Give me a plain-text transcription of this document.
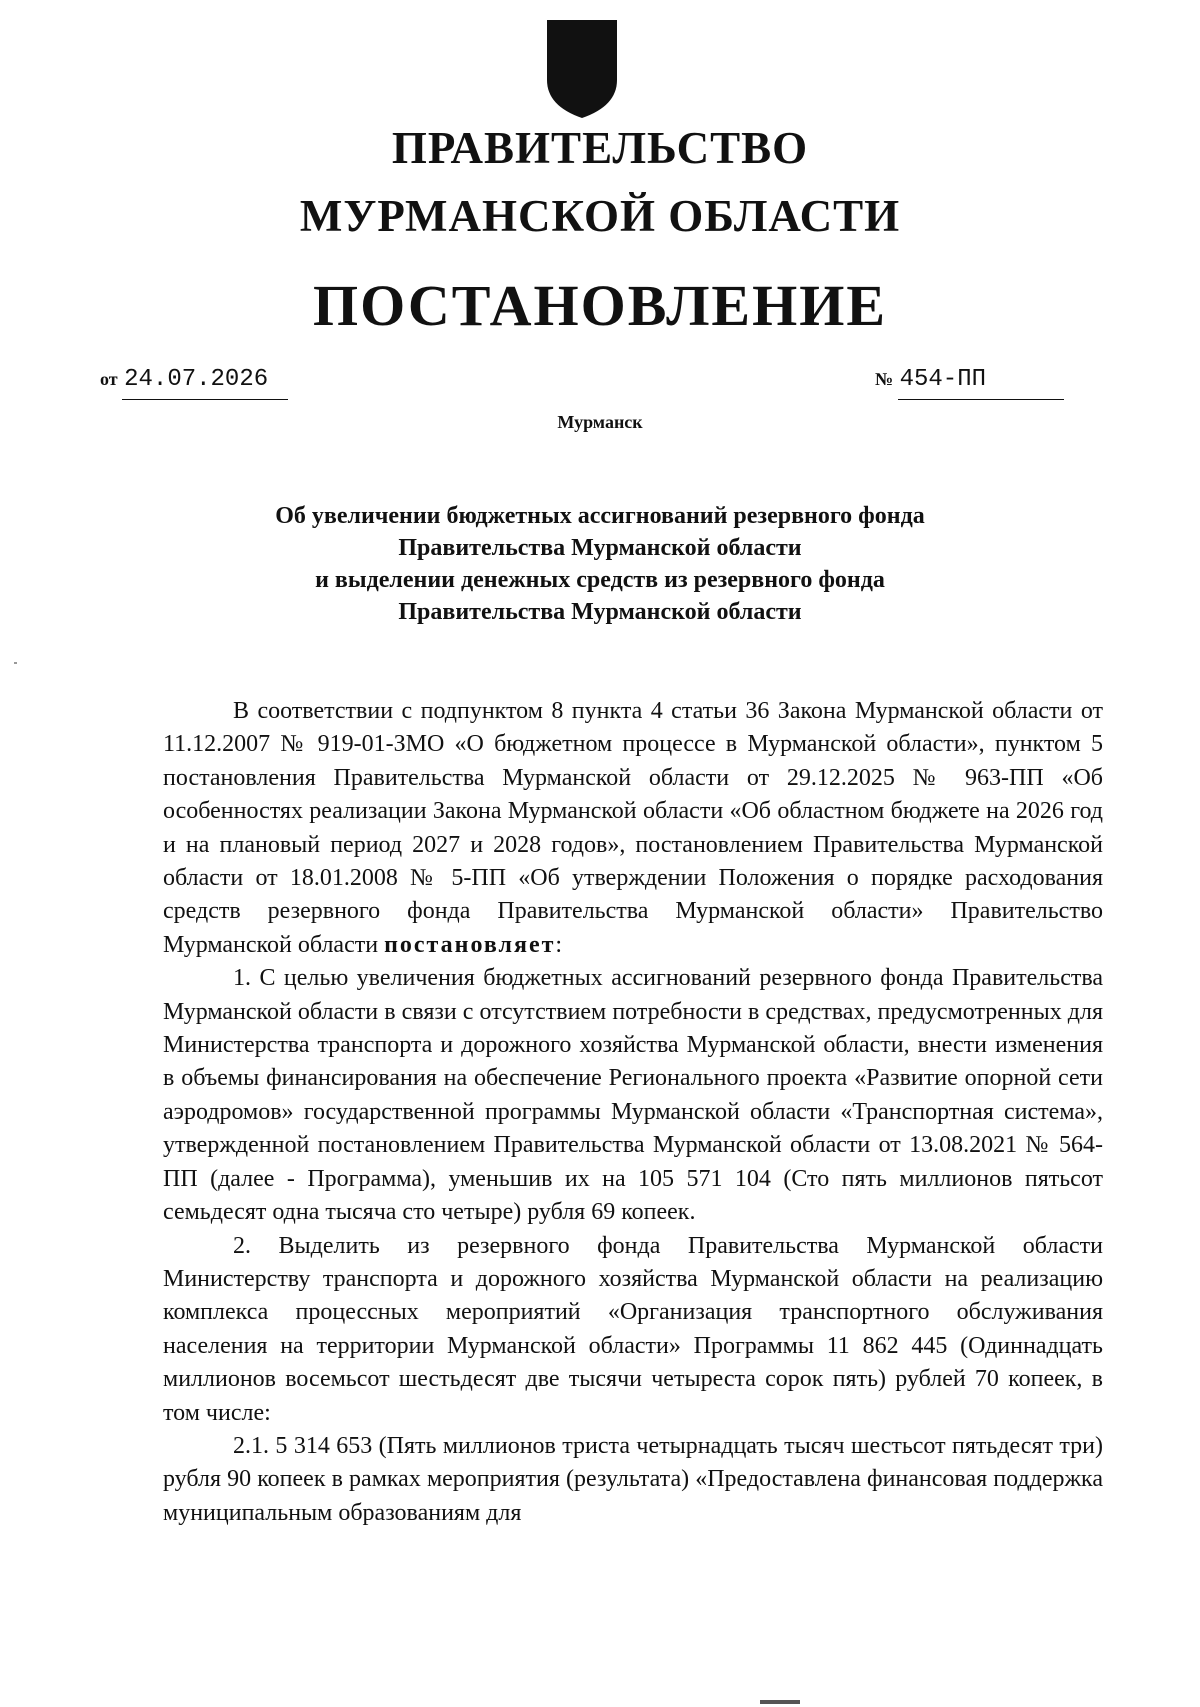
ПРАВИТЕЛЬСТВО
МУРМАНСКОЙ ОБЛАСТИ
ПОСТАНОВЛЕНИЕ
от 24.07.2026	№ 454-ПП
Мурманск
Об увеличении бюджетных ассигнований резервного фонда
Правительства Мурманской области
и выделении денежных средств из резервного фонда
Правительства Мурманской области

В соответствии с подпунктом 8 пункта 4 статьи 36 Закона Мурманской области от 11.12.2007 № 919-01-ЗМО «О бюджетном процессе в Мурманской области», пунктом 5 постановления Правительства Мурманской области от 29.12.2025 № 963-ПП «Об особенностях реализации Закона Мурманской области «Об областном бюджете на 2026 год и на плановый период 2027 и 2028 годов», постановлением Правительства Мурманской области от 18.01.2008 № 5-ПП «Об утверждении Положения о порядке расходования средств резервного фонда Правительства Мурманской области» Правительство Мурманской области постановляет:

1. С целью увеличения бюджетных ассигнований резервного фонда Правительства Мурманской области в связи с отсутствием потребности в средствах, предусмотренных для Министерства транспорта и дорожного хозяйства Мурманской области, внести изменения в объемы финансирования на обеспечение Регионального проекта «Развитие опорной сети аэродромов» государственной программы Мурманской области «Транспортная система», утвержденной постановлением Правительства Мурманской области от 13.08.2021 № 564-ПП (далее - Программа), уменьшив их на 105 571 104 (Сто пять миллионов пятьсот семьдесят одна тысяча сто четыре) рубля 69 копеек.

2. Выделить из резервного фонда Правительства Мурманской области Министерству транспорта и дорожного хозяйства Мурманской области на реализацию комплекса процессных мероприятий «Организация транспортного обслуживания населения на территории Мурманской области» Программы 11 862 445 (Одиннадцать миллионов восемьсот шестьдесят две тысячи четыреста сорок пять) рублей 70 копеек, в том числе:

2.1. 5 314 653 (Пять миллионов триста четырнадцать тысяч шестьсот пятьдесят три) рубля 90 копеек в рамках мероприятия (результата) «Предоставлена финансовая поддержка муниципальным образованиям для
